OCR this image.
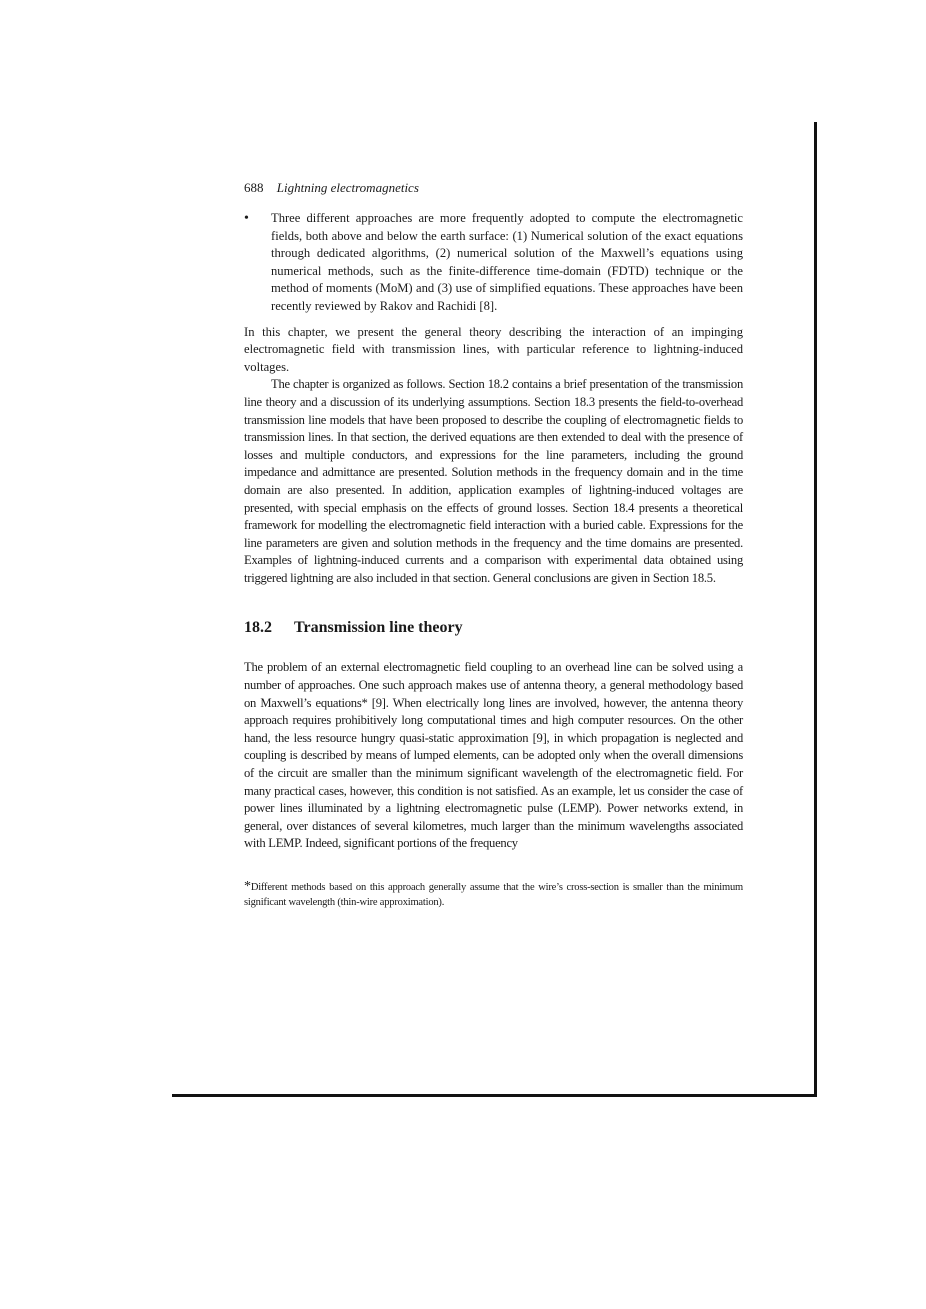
688 Lightning electromagnetics
• Three different approaches are more frequently adopted to compute the electromagnetic fields, both above and below the earth surface: (1) Numerical solution of the exact equations through dedicated algorithms, (2) numerical solution of the Maxwell’s equations using numerical methods, such as the finite-difference time-domain (FDTD) technique or the method of moments (MoM) and (3) use of simplified equations. These approaches have been recently reviewed by Rakov and Rachidi [8].

In this chapter, we present the general theory describing the interaction of an impinging electromagnetic field with transmission lines, with particular reference to lightning-induced voltages.

The chapter is organized as follows. Section 18.2 contains a brief presentation of the transmission line theory and a discussion of its underlying assumptions. Section 18.3 presents the field-to-overhead transmission line models that have been proposed to describe the coupling of electromagnetic fields to transmission lines. In that section, the derived equations are then extended to deal with the presence of losses and multiple conductors, and expressions for the line parameters, including the ground impedance and admittance are presented. Solution methods in the frequency domain and in the time domain are also presented. In addition, application examples of lightning-induced voltages are presented, with special emphasis on the effects of ground losses. Section 18.4 presents a theoretical framework for modelling the electromagnetic field interaction with a buried cable. Expressions for the line parameters are given and solution methods in the frequency and the time domains are presented. Examples of lightning-induced currents and a comparison with experimental data obtained using triggered lightning are also included in that section. General conclusions are given in Section 18.5.

18.2 Transmission line theory

The problem of an external electromagnetic field coupling to an overhead line can be solved using a number of approaches. One such approach makes use of antenna theory, a general methodology based on Maxwell’s equations* [9]. When electrically long lines are involved, however, the antenna theory approach requires prohibitively long computational times and high computer resources. On the other hand, the less resource hungry quasi-static approximation [9], in which propagation is neglected and coupling is described by means of lumped elements, can be adopted only when the overall dimensions of the circuit are smaller than the minimum significant wavelength of the electromagnetic field. For many practical cases, however, this condition is not satisfied. As an example, let us consider the case of power lines illuminated by a lightning electromagnetic pulse (LEMP). Power networks extend, in general, over distances of several kilometres, much larger than the minimum wavelengths associated with LEMP. Indeed, significant portions of the frequency

*Different methods based on this approach generally assume that the wire’s cross-section is smaller than the minimum significant wavelength (thin-wire approximation).
